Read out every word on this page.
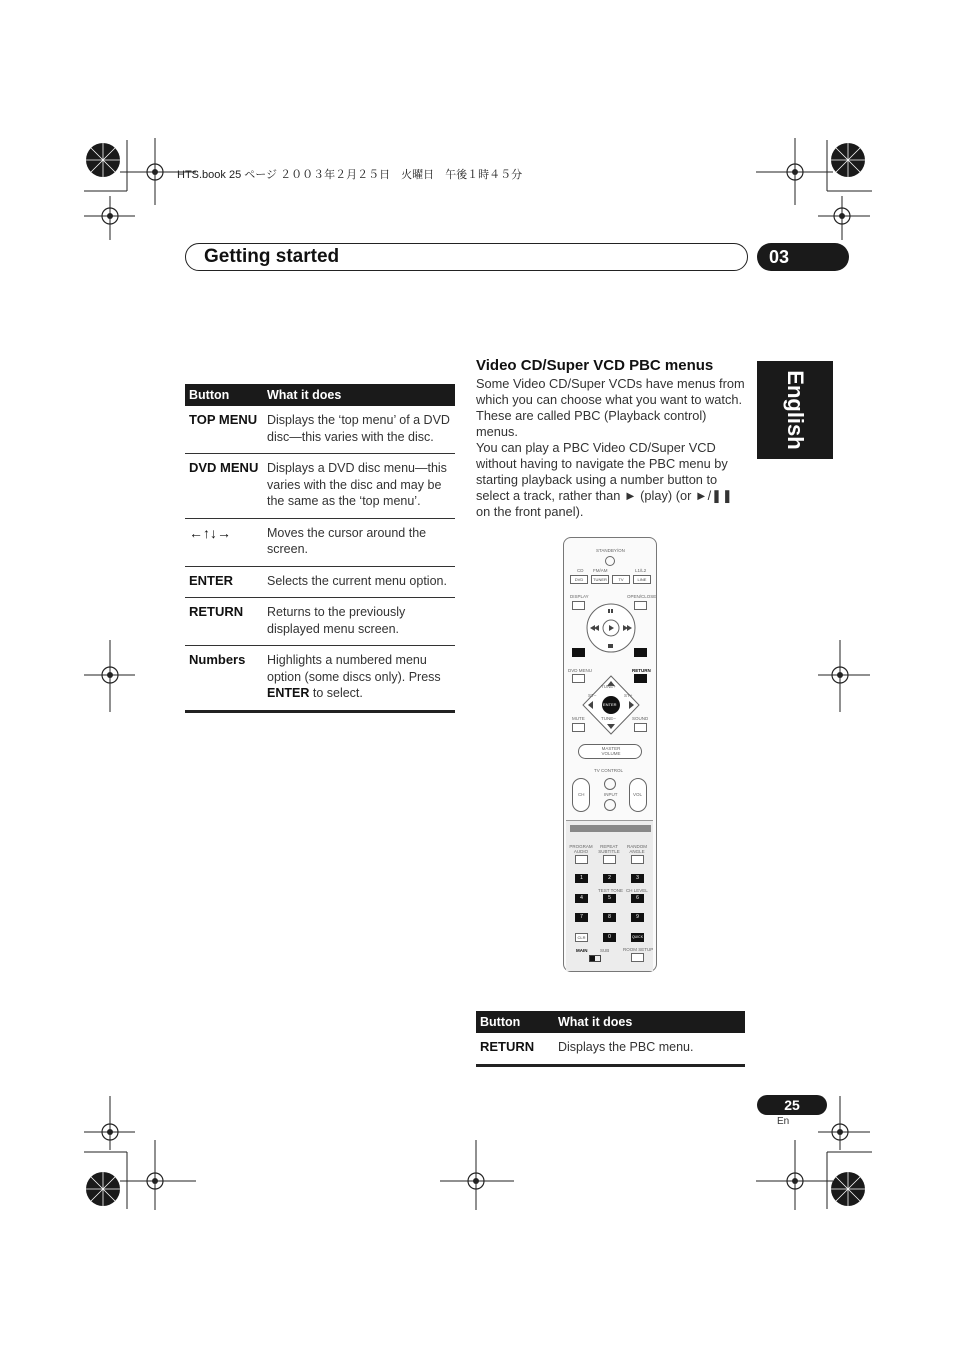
HTS.book 25 ページ ２００３年２月２５日　火曜日　午後１時４５分
Getting started	03
English
Button	What it does
TOP MENU	Displays the ‘top menu’ of a DVD disc—this varies with the disc.
DVD MENU	Displays a DVD disc menu—this varies with the disc and may be the same as the ‘top menu’.
←↑↓→	Moves the cursor around the screen.
ENTER	Selects the current menu option.
RETURN	Returns to the previously displayed menu screen.
Numbers	Highlights a numbered menu option (some discs only). Press ENTER to select.
Video CD/Super VCD PBC menus
Some Video CD/Super VCDs have menus from which you can choose what you want to watch. These are called PBC (Playback control) menus.
You can play a PBC Video CD/Super VCD without having to navigate the PBC menu by starting playback using a number button to select a track, rather than ► (play) (or ►/❚❚ on the front panel).
STANDBY/ON
CD FM/AM	L1/L2
DVD	TUNER	TV	LINE
DISPLAY	OPEN/CLOSE
DVD MENU	RETURN
TUNE+
ST–	ST+
ENTER
TUNE–
MUTE	SOUND
MASTER VOLUME
TV CONTROL
CH	VOL
INPUT
PROGRAM AUDIO
REPEAT SUBTITLE
RANDOM ANGLE
1	2	3
TEST TONE CH LEVEL
4	5	6
7	8	9
CLR	0	QUICK
ROOM SETUP
MAIN	SUB
Button	What it does
RETURN	Displays the PBC menu.
25
En
